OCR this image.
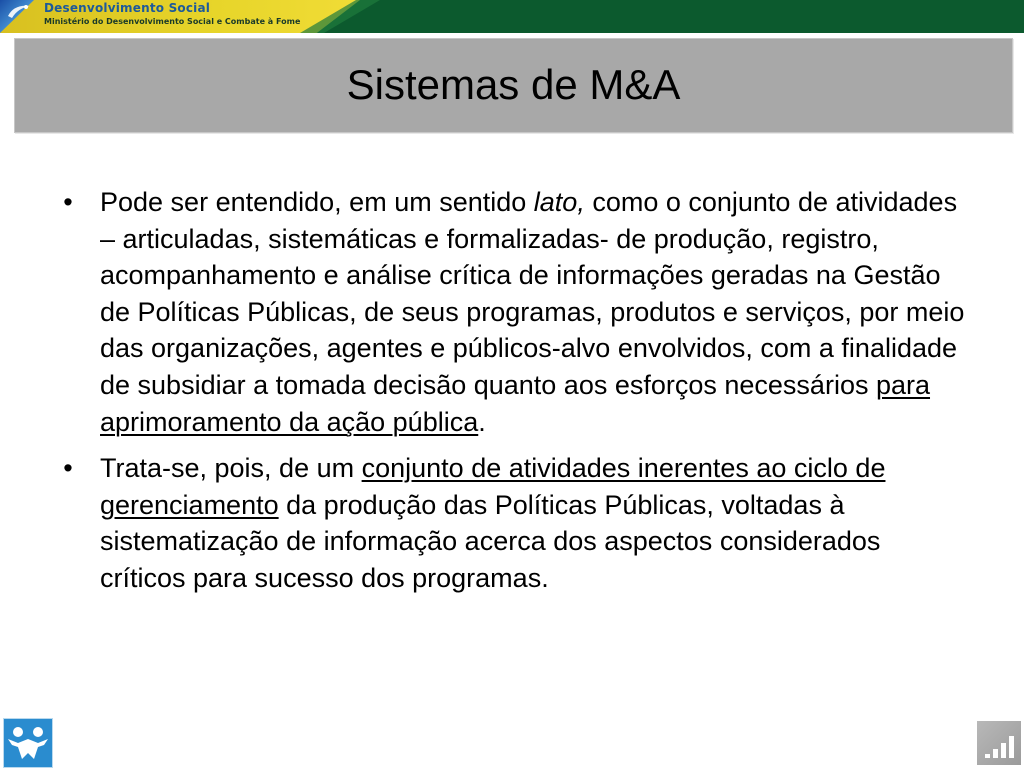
Desenvolvimento Social
Ministério do Desenvolvimento Social e Combate à Fome
Sistemas de M&A
• Pode ser entendido, em um sentido lato, como o conjunto de atividades – articuladas, sistemáticas e formalizadas- de produção, registro, acompanhamento e análise crítica de informações geradas na Gestão de Políticas Públicas, de seus programas, produtos e serviços, por meio das organizações, agentes e públicos-alvo envolvidos, com a finalidade de subsidiar a tomada decisão quanto aos esforços necessários para aprimoramento da ação pública.
• Trata-se, pois, de um conjunto de atividades inerentes ao ciclo de gerenciamento da produção das Políticas Públicas, voltadas à sistematização de informação acerca dos aspectos considerados críticos para sucesso dos programas.
